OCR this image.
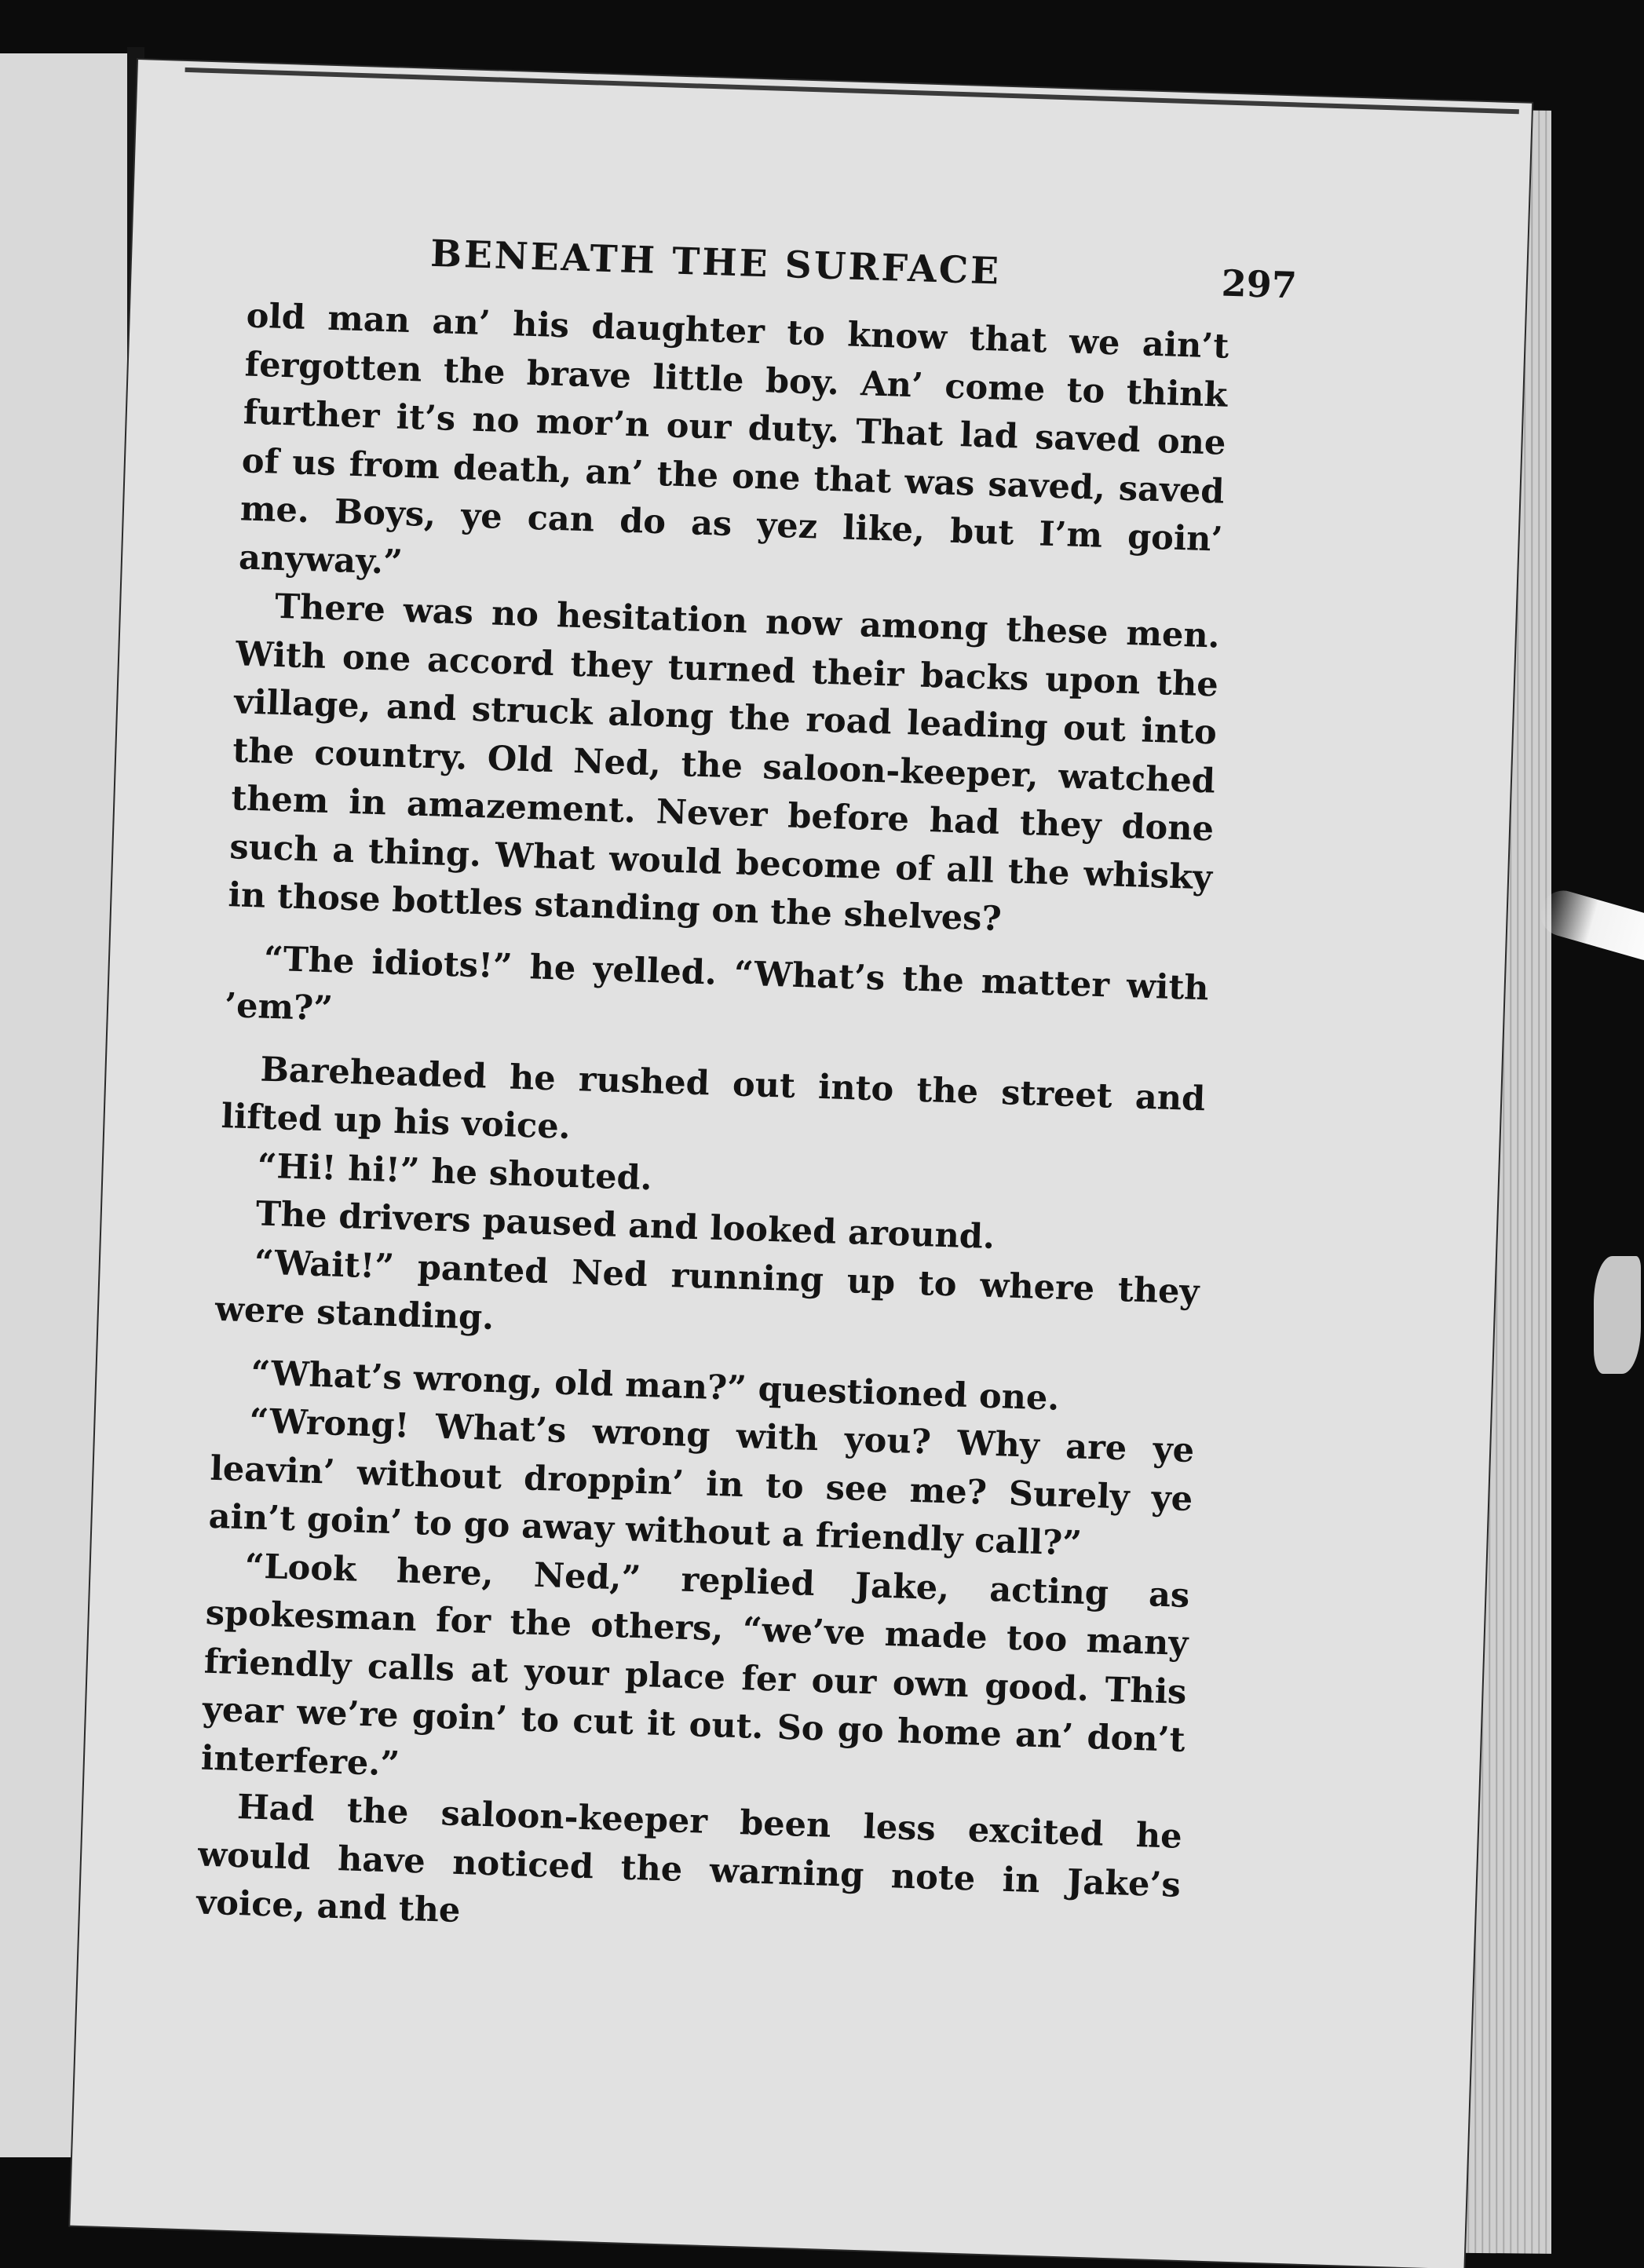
BENEATH THE SURFACE	297

old man an’ his daughter to know that we ain’t fergotten the brave little boy. An’ come to think further it’s no mor’n our duty. That lad saved one of us from death, an’ the one that was saved, saved me. Boys, ye can do as yez like, but I’m goin’ anyway.”

There was no hesitation now among these men. With one accord they turned their backs upon the village, and struck along the road leading out into the country. Old Ned, the saloon-keeper, watched them in amazement. Never before had they done such a thing. What would become of all the whisky in those bottles standing on the shelves?

“The idiots!” he yelled. “What’s the matter with ’em?”

Bareheaded he rushed out into the street and lifted up his voice.

“Hi! hi!” he shouted.

The drivers paused and looked around.

“Wait!” panted Ned running up to where they were standing.

“What’s wrong, old man?” questioned one.

“Wrong! What’s wrong with you? Why are ye leavin’ without droppin’ in to see me? Surely ye ain’t goin’ to go away without a friendly call?”

“Look here, Ned,” replied Jake, acting as spokesman for the others, “we’ve made too many friendly calls at your place fer our own good. This year we’re goin’ to cut it out. So go home an’ don’t interfere.”

Had the saloon-keeper been less excited he would have noticed the warning note in Jake’s voice, and the
